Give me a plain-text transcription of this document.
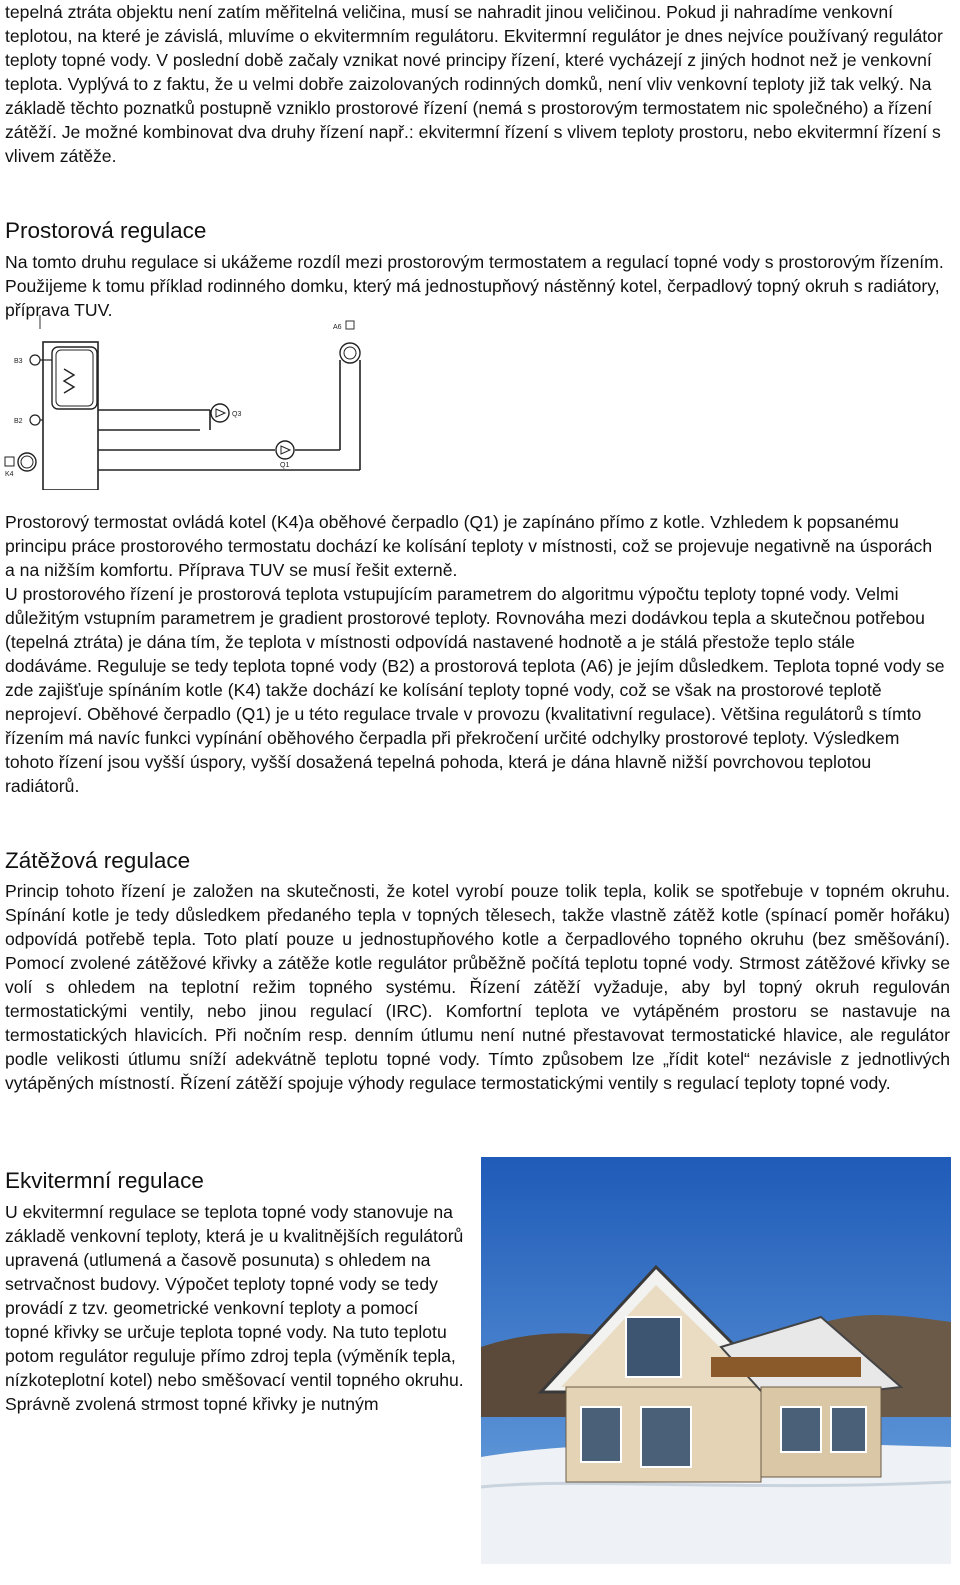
tepelná ztráta objektu není zatím měřitelná veličina, musí se nahradit jinou veličinou. Pokud ji nahradíme venkovní teplotou, na které je závislá, mluvíme o ekvitermním regulátoru. Ekvitermní regulátor je dnes nejvíce používaný regulátor teploty topné vody. V poslední době začaly vznikat nové principy řízení, které vycházejí z jiných hodnot než je venkovní teplota. Vyplývá to z faktu, že u velmi dobře zaizolovaných rodinných domků, není vliv venkovní teploty již tak velký. Na základě těchto poznatků postupně vzniklo prostorové řízení (nemá s prostorovým termostatem nic společného) a řízení zátěží. Je možné kombinovat dva druhy řízení např.: ekvitermní řízení s vlivem teploty prostoru, nebo ekvitermní řízení s vlivem zátěže.

Prostorová regulace

Na tomto druhu regulace si ukážeme rozdíl mezi prostorovým termostatem a regulací topné vody s prostorovým řízením. Použijeme k tomu příklad rodinného domku, který má jednostupňový nástěnný kotel, čerpadlový topný okruh s radiátory, příprava TUV.

A6
B3
B2
K4
Q3
Q1

Prostorový termostat ovládá kotel (K4)a oběhové čerpadlo (Q1) je zapínáno přímo z kotle. Vzhledem k popsanému principu práce prostorového termostatu dochází ke kolísání teploty v místnosti, což se projevuje negativně na úsporách a na nižším komfortu. Příprava TUV se musí řešit externě.

U prostorového řízení je prostorová teplota vstupujícím parametrem do algoritmu výpočtu teploty topné vody. Velmi důležitým vstupním parametrem je gradient prostorové teploty. Rovnováha mezi dodávkou tepla a skutečnou potřebou (tepelná ztráta) je dána tím, že teplota v místnosti odpovídá nastavené hodnotě a je stálá přestože teplo stále dodáváme. Reguluje se tedy teplota topné vody (B2) a prostorová teplota (A6) je jejím důsledkem. Teplota topné vody se zde zajišťuje spínáním kotle (K4) takže dochází ke kolísání teploty topné vody, což se však na prostorové teplotě neprojeví. Oběhové čerpadlo (Q1) je u této regulace trvale v provozu (kvalitativní regulace). Většina regulátorů s tímto řízením má navíc funkci vypínání oběhového čerpadla při překročení určité odchylky prostorové teploty. Výsledkem tohoto řízení jsou vyšší úspory, vyšší dosažená tepelná pohoda, která je dána hlavně nižší povrchovou teplotou radiátorů.

Zátěžová regulace

Princip tohoto řízení je založen na skutečnosti, že kotel vyrobí pouze tolik tepla, kolik se spotřebuje v topném okruhu. Spínání kotle je tedy důsledkem předaného tepla v topných tělesech, takže vlastně zátěž kotle (spínací poměr hořáku) odpovídá potřebě tepla. Toto platí pouze u jednostupňového kotle a čerpadlového topného okruhu (bez směšování). Pomocí zvolené zátěžové křivky a zátěže kotle regulátor průběžně počítá teplotu topné vody. Strmost zátěžové křivky se volí s ohledem na teplotní režim topného systému. Řízení zátěží vyžaduje, aby byl topný okruh regulován termostatickými ventily, nebo jinou regulací (IRC). Komfortní teplota ve vytápěném prostoru se nastavuje na termostatických hlavicích. Při nočním resp. denním útlumu není nutné přestavovat termostatické hlavice, ale regulátor podle velikosti útlumu sníží adekvátně teplotu topné vody. Tímto způsobem lze „řídit kotel“ nezávisle z jednotlivých vytápěných místností. Řízení zátěží spojuje výhody regulace termostatickými ventily s regulací teploty topné vody.

Ekvitermní regulace

U ekvitermní regulace se teplota topné vody stanovuje na základě venkovní teploty, která je u kvalitnějších regulátorů upravená (utlumená a časově posunuta) s ohledem na setrvačnost budovy. Výpočet teploty topné vody se tedy provádí z tzv. geometrické venkovní teploty a pomocí topné křivky se určuje teplota topné vody. Na tuto teplotu potom regulátor reguluje přímo zdroj tepla (výměník tepla, nízkoteplotní kotel) nebo směšovací ventil topného okruhu. Správně zvolená strmost topné křivky je nutným
